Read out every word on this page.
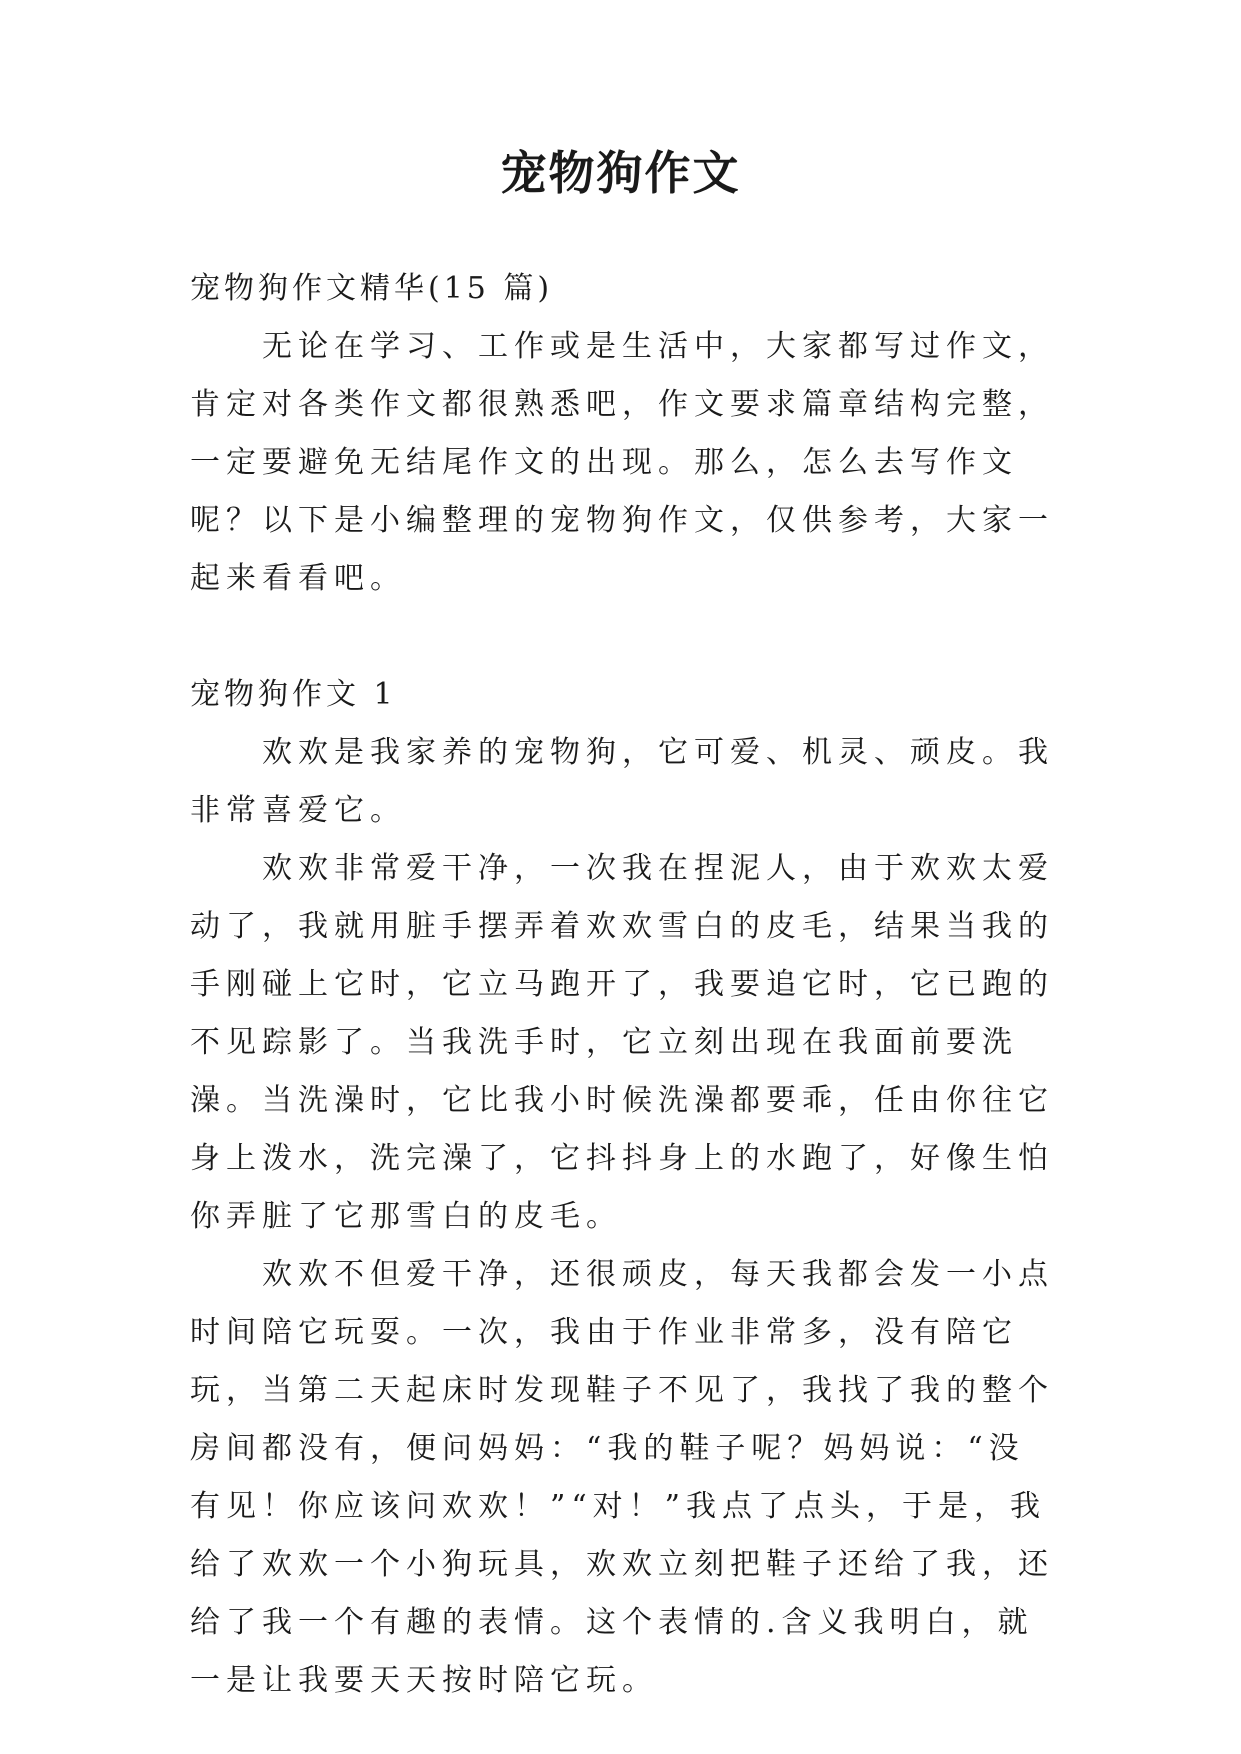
宠物狗作文

宠物狗作文精华(15 篇)

无论在学习、工作或是生活中，大家都写过作文，肯定对各类作文都很熟悉吧，作文要求篇章结构完整，一定要避免无结尾作文的出现。那么，怎么去写作文呢？以下是小编整理的宠物狗作文，仅供参考，大家一起来看看吧。

宠物狗作文 1

欢欢是我家养的宠物狗，它可爱、机灵、顽皮。我非常喜爱它。

欢欢非常爱干净，一次我在捏泥人，由于欢欢太爱动了，我就用脏手摆弄着欢欢雪白的皮毛，结果当我的手刚碰上它时，它立马跑开了，我要追它时，它已跑的不见踪影了。当我洗手时，它立刻出现在我面前要洗澡。当洗澡时，它比我小时候洗澡都要乖，任由你往它身上泼水，洗完澡了，它抖抖身上的水跑了，好像生怕你弄脏了它那雪白的皮毛。

欢欢不但爱干净，还很顽皮，每天我都会发一小点时间陪它玩耍。一次，我由于作业非常多，没有陪它玩，当第二天起床时发现鞋子不见了，我找了我的整个房间都没有，便问妈妈：“我的鞋子呢？妈妈说：“没有见！你应该问欢欢！”“对！”我点了点头，于是，我给了欢欢一个小狗玩具，欢欢立刻把鞋子还给了我，还给了我一个有趣的表情。这个表情的.含义我明白，就一是让我要天天按时陪它玩。
